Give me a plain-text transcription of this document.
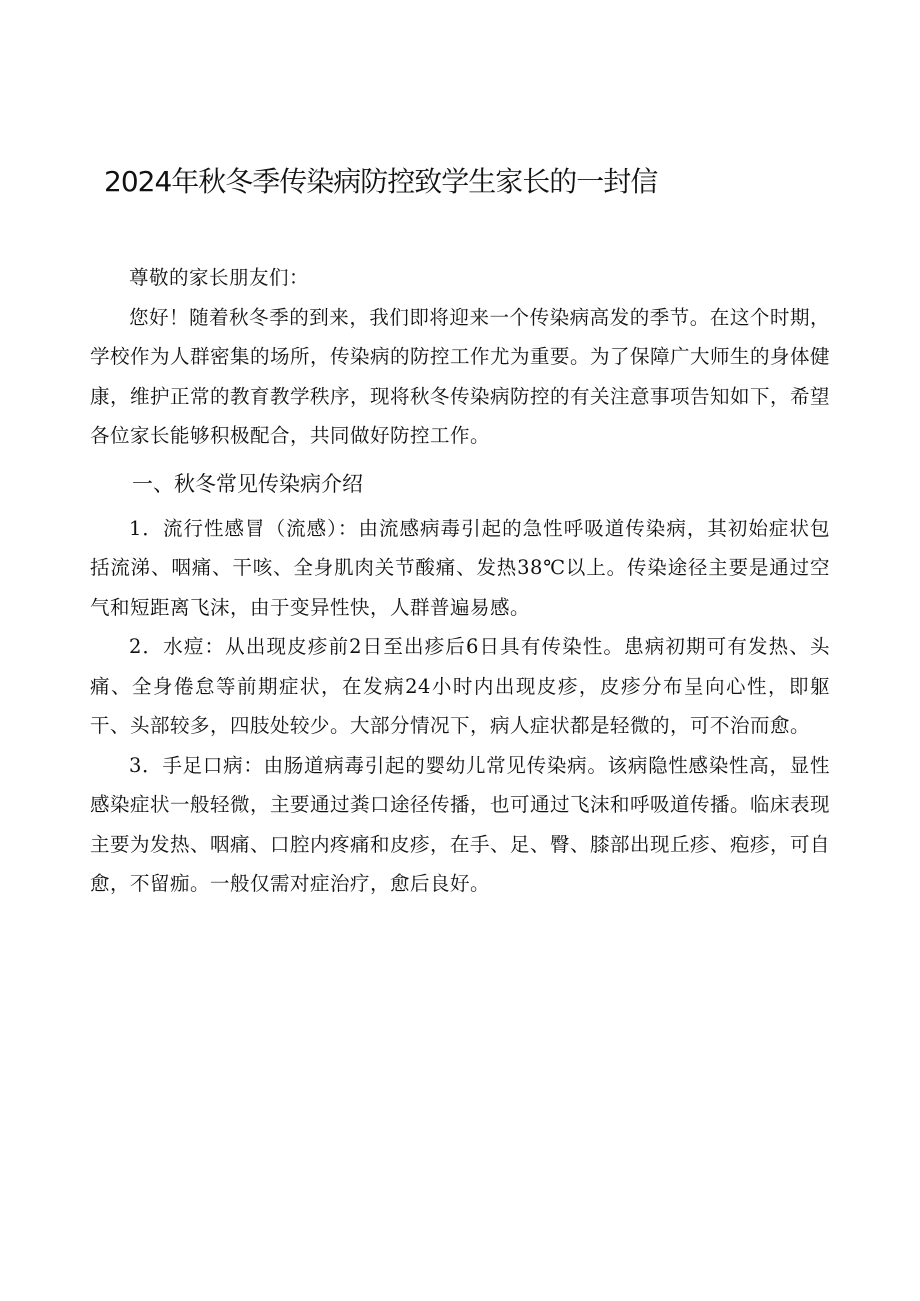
2024年秋冬季传染病防控致学生家长的一封信

尊敬的家长朋友们：

您好！随着秋冬季的到来，我们即将迎来一个传染病高发的季节。在这个时期，学校作为人群密集的场所，传染病的防控工作尤为重要。为了保障广大师生的身体健康，维护正常的教育教学秩序，现将秋冬传染病防控的有关注意事项告知如下，希望各位家长能够积极配合，共同做好防控工作。

一、秋冬常见传染病介绍

1．流行性感冒（流感）：由流感病毒引起的急性呼吸道传染病，其初始症状包括流涕、咽痛、干咳、全身肌肉关节酸痛、发热38℃以上。传染途径主要是通过空气和短距离飞沫，由于变异性快，人群普遍易感。

2．水痘：从出现皮疹前2日至出疹后6日具有传染性。患病初期可有发热、头痛、全身倦怠等前期症状，在发病24小时内出现皮疹，皮疹分布呈向心性，即躯干、头部较多，四肢处较少。大部分情况下，病人症状都是轻微的，可不治而愈。

3．手足口病：由肠道病毒引起的婴幼儿常见传染病。该病隐性感染性高，显性感染症状一般轻微，主要通过粪口途径传播，也可通过飞沫和呼吸道传播。临床表现主要为发热、咽痛、口腔内疼痛和皮疹，在手、足、臀、膝部出现丘疹、疱疹，可自愈，不留痂。一般仅需对症治疗，愈后良好。
